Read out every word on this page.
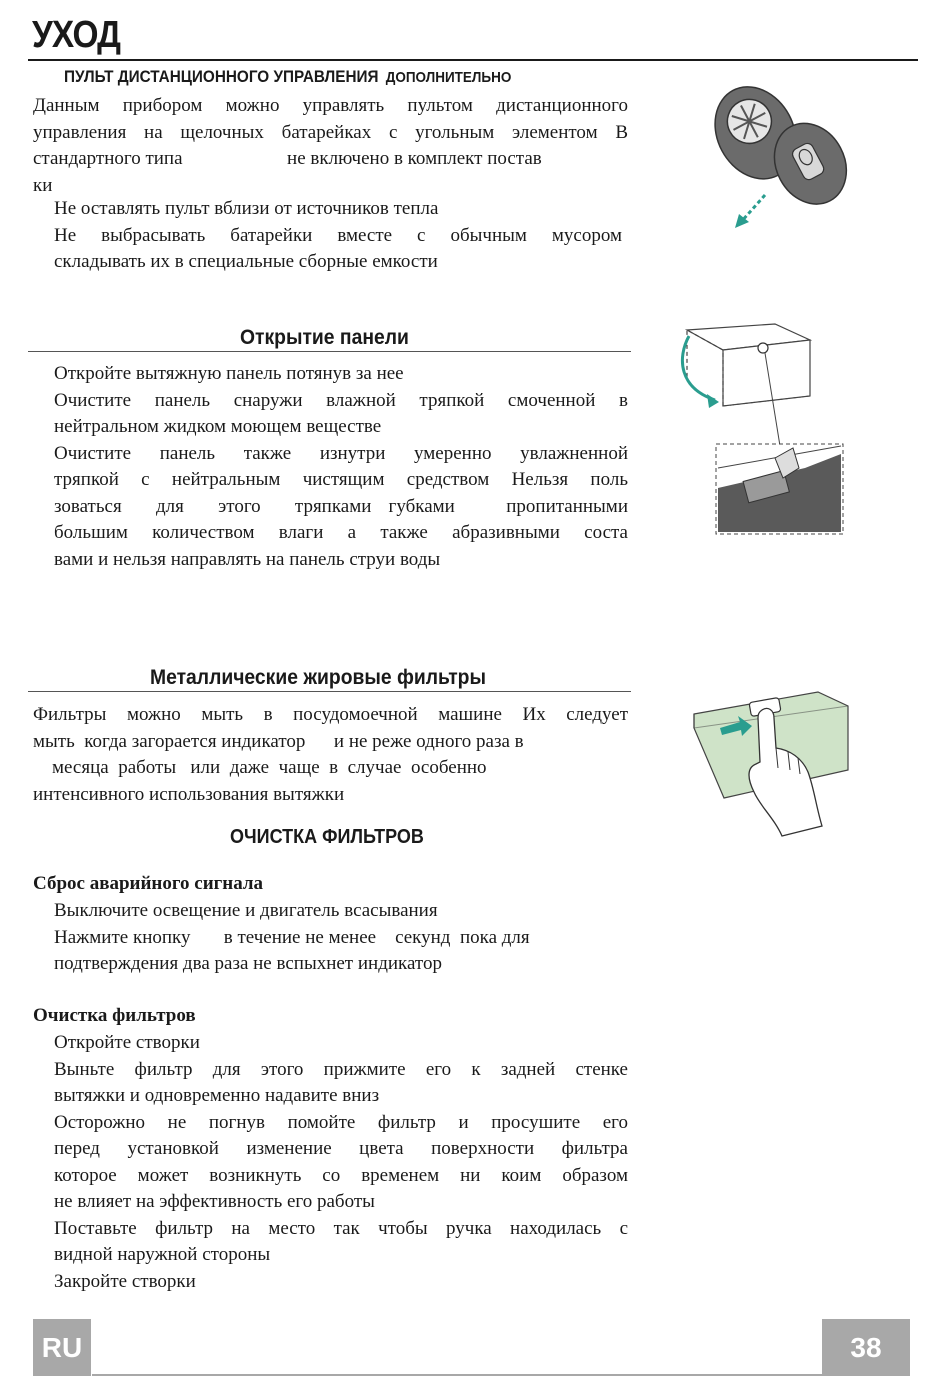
УХОД
ПУЛЬТ ДИСТАНЦИОННОГО УПРАВЛЕНИЯ ДОПОЛНИТЕЛЬНО
Данным прибором можно управлять пультом дистанционного
управления на щелочных батарейках с угольным элементом В
стандартного типа                      не включено в комплект постав
ки
Не оставлять пульт вблизи от источников тепла
Не выбрасывать батарейки вместе с обычным мусором
складывать их в специальные сборные емкости
Открытие панели
Откройте вытяжную панель потянув за нее
Очистите панель снаружи влажной тряпкой смоченной в
нейтральном жидком моющем веществе
Очистите панель также изнутри умеренно увлажненной
тряпкой с нейтральным чистящим средством Нельзя поль
зоваться  для  этого  тряпками губками   пропитанными
большим количеством влаги а также абразивными соста
вами и нельзя направлять на панель струи воды
Металлические жировые фильтры
Фильтры можно мыть в посудомоечной машине Их следует
мыть  когда загорается индикатор      и не реже одного раза в
месяца  работы   или  даже  чаще  в  случае  особенно
интенсивного использования вытяжки
ОЧИСТКА ФИЛЬТРОВ
Сброс аварийного сигнала
Выключите освещение и двигатель всасывания
Нажмите кнопку       в течение не менее    секунд  пока для
подтверждения два раза не вспыхнет индикатор
Очистка фильтров
Откройте створки
Выньте фильтр для этого прижмите его к задней стенке
вытяжки и одновременно надавите вниз
Осторожно не погнув помойте фильтр и просушите его
перед установкой изменение цвета поверхности фильтра
которое может возникнуть со временем ни коим образом
не влияет на эффективность его работы
Поставьте фильтр на место так чтобы ручка находилась с
видной наружной стороны
Закройте створки
RU	38
